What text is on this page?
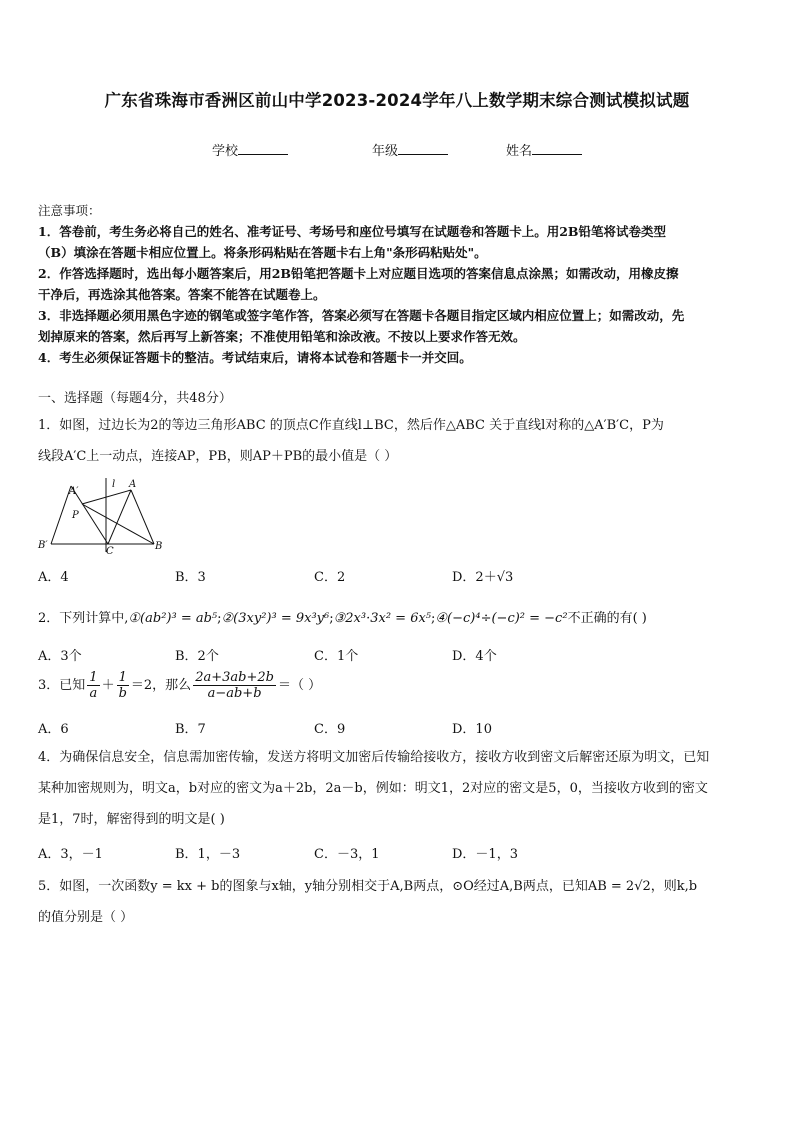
广东省珠海市香洲区前山中学2023-2024学年八上数学期末综合测试模拟试题
学校	年级	姓名
注意事项：
1．答卷前，考生务必将自己的姓名、准考证号、考场号和座位号填写在试题卷和答题卡上。用2B铅笔将试卷类型
（B）填涂在答题卡相应位置上。将条形码粘贴在答题卡右上角"条形码粘贴处"。
2．作答选择题时，选出每小题答案后，用2B铅笔把答题卡上对应题目选项的答案信息点涂黑；如需改动，用橡皮擦
干净后，再选涂其他答案。答案不能答在试题卷上。
3．非选择题必须用黑色字迹的钢笔或签字笔作答，答案必须写在答题卡各题目指定区域内相应位置上；如需改动，先
划掉原来的答案，然后再写上新答案；不准使用铅笔和涂改液。不按以上要求作答无效。
4．考生必须保证答题卡的整洁。考试结束后，请将本试卷和答题卡一并交回。
一、选择题（每题4分，共48分）
1．如图，过边长为2的等边三角形ABC 的顶点C作直线l⊥BC，然后作△ABC 关于直线l对称的△A′B′C，P为
线段A′C上一动点，连接AP，PB，则AP＋PB的最小值是（ ）
A′
A
P
l
B′
C	B
A．4	B．3	C．2	D．2＋√3
2．下列计算中,①(ab²)³ = ab⁵;②(3xy²)³ = 9x³y⁶;③2x³·3x² = 6x⁵;④(−c)⁴÷(−c)² = −c²不正确的有( )
A．3个	B．2个	C．1个	D．4个
3．已知 $\frac{1}{a} + \frac{1}{b} =2$，那么 $\frac{2a+3ab+2b}{a-ab+b}$ ＝（ ）
A．6	B．7	C．9	D．10
4．为确保信息安全，信息需加密传输，发送方将明文加密后传输给接收方，接收方收到密文后解密还原为明文，已知
某种加密规则为，明文a，b对应的密文为a＋2b，2a－b，例如：明文1，2对应的密文是5，0，当接收方收到的密文
是1，7时，解密得到的明文是( )
A．3，－1	B．1，－3	C．－3，1	D．－1，3
5．如图，一次函数y = kx + b的图象与x轴，y轴分别相交于A,B两点，⊙O经过A,B两点，已知AB = 2√2，则k,b
的值分别是（ ）
